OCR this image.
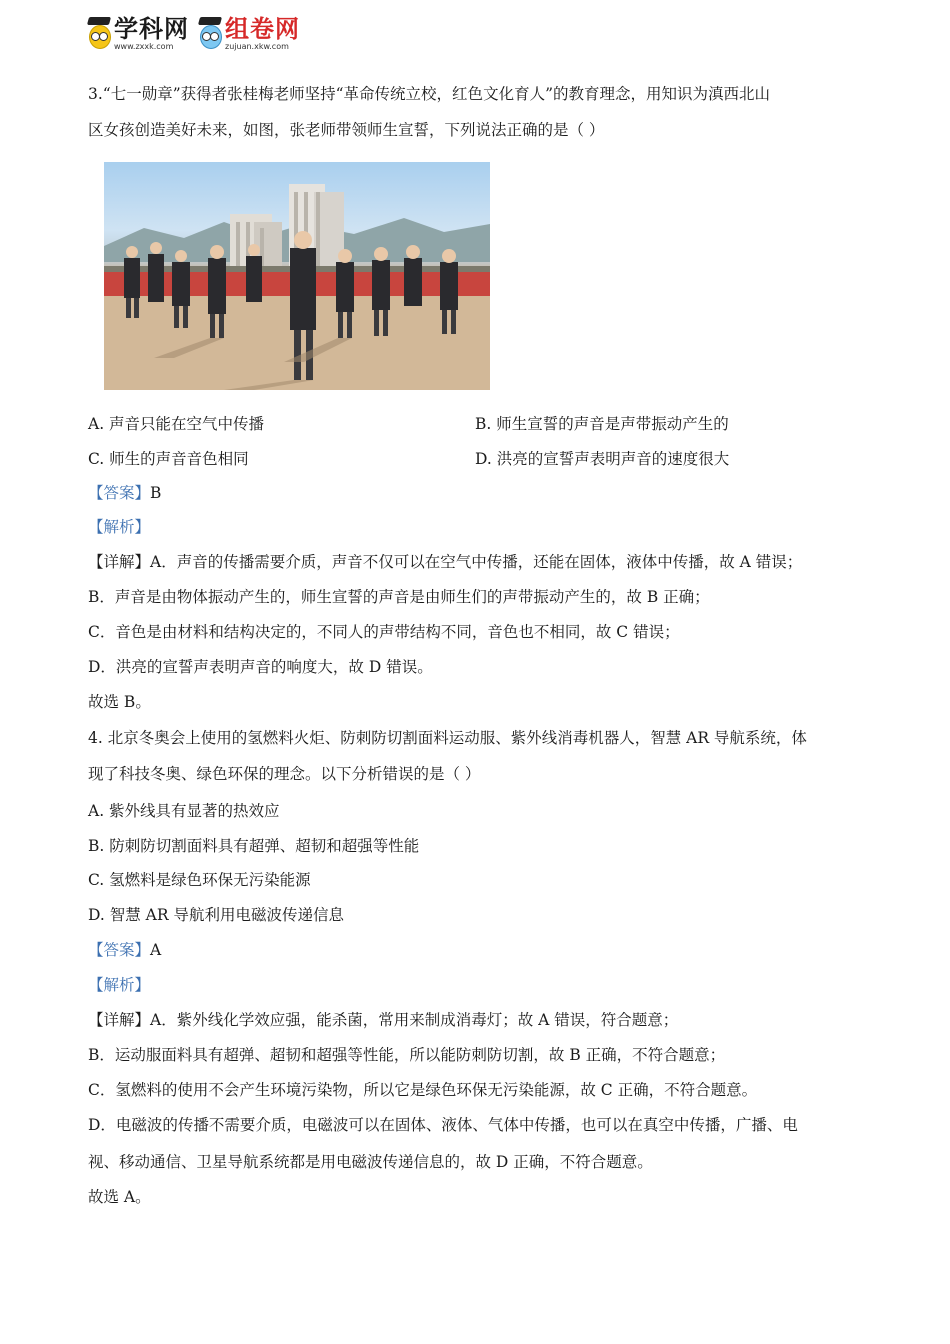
学科网
www.zxxk.com
组卷网
zujuan.xkw.com
3.“七一勋章”获得者张桂梅老师坚持“革命传统立校，红色文化育人”的教育理念，用知识为滇西北山
区女孩创造美好未来，如图，张老师带领师生宣誓，下列说法正确的是（ ）
A. 声音只能在空气中传播	B. 师生宣誓的声音是声带振动产生的
C. 师生的声音音色相同	D. 洪亮的宣誓声表明声音的速度很大
【答案】B
【解析】
【详解】A．声音的传播需要介质，声音不仅可以在空气中传播，还能在固体，液体中传播，故 A 错误；
B．声音是由物体振动产生的，师生宣誓的声音是由师生们的声带振动产生的，故 B 正确；
C．音色是由材料和结构决定的，不同人的声带结构不同，音色也不相同，故 C 错误；
D．洪亮的宣誓声表明声音的响度大，故 D 错误。
故选 B。
4. 北京冬奥会上使用的氢燃料火炬、防刺防切割面料运动服、紫外线消毒机器人，智慧 AR 导航系统，体
现了科技冬奥、绿色环保的理念。以下分析错误的是（ ）
A. 紫外线具有显著的热效应
B. 防刺防切割面料具有超弹、超韧和超强等性能
C. 氢燃料是绿色环保无污染能源
D. 智慧 AR 导航利用电磁波传递信息
【答案】A
【解析】
【详解】A．紫外线化学效应强，能杀菌，常用来制成消毒灯；故 A 错误，符合题意；
B．运动服面料具有超弹、超韧和超强等性能，所以能防刺防切割，故 B 正确，不符合题意；
C．氢燃料的使用不会产生环境污染物，所以它是绿色环保无污染能源，故 C 正确，不符合题意。
D．电磁波的传播不需要介质，电磁波可以在固体、液体、气体中传播，也可以在真空中传播，广播、电
视、移动通信、卫星导航系统都是用电磁波传递信息的，故 D 正确，不符合题意。
故选 A。
